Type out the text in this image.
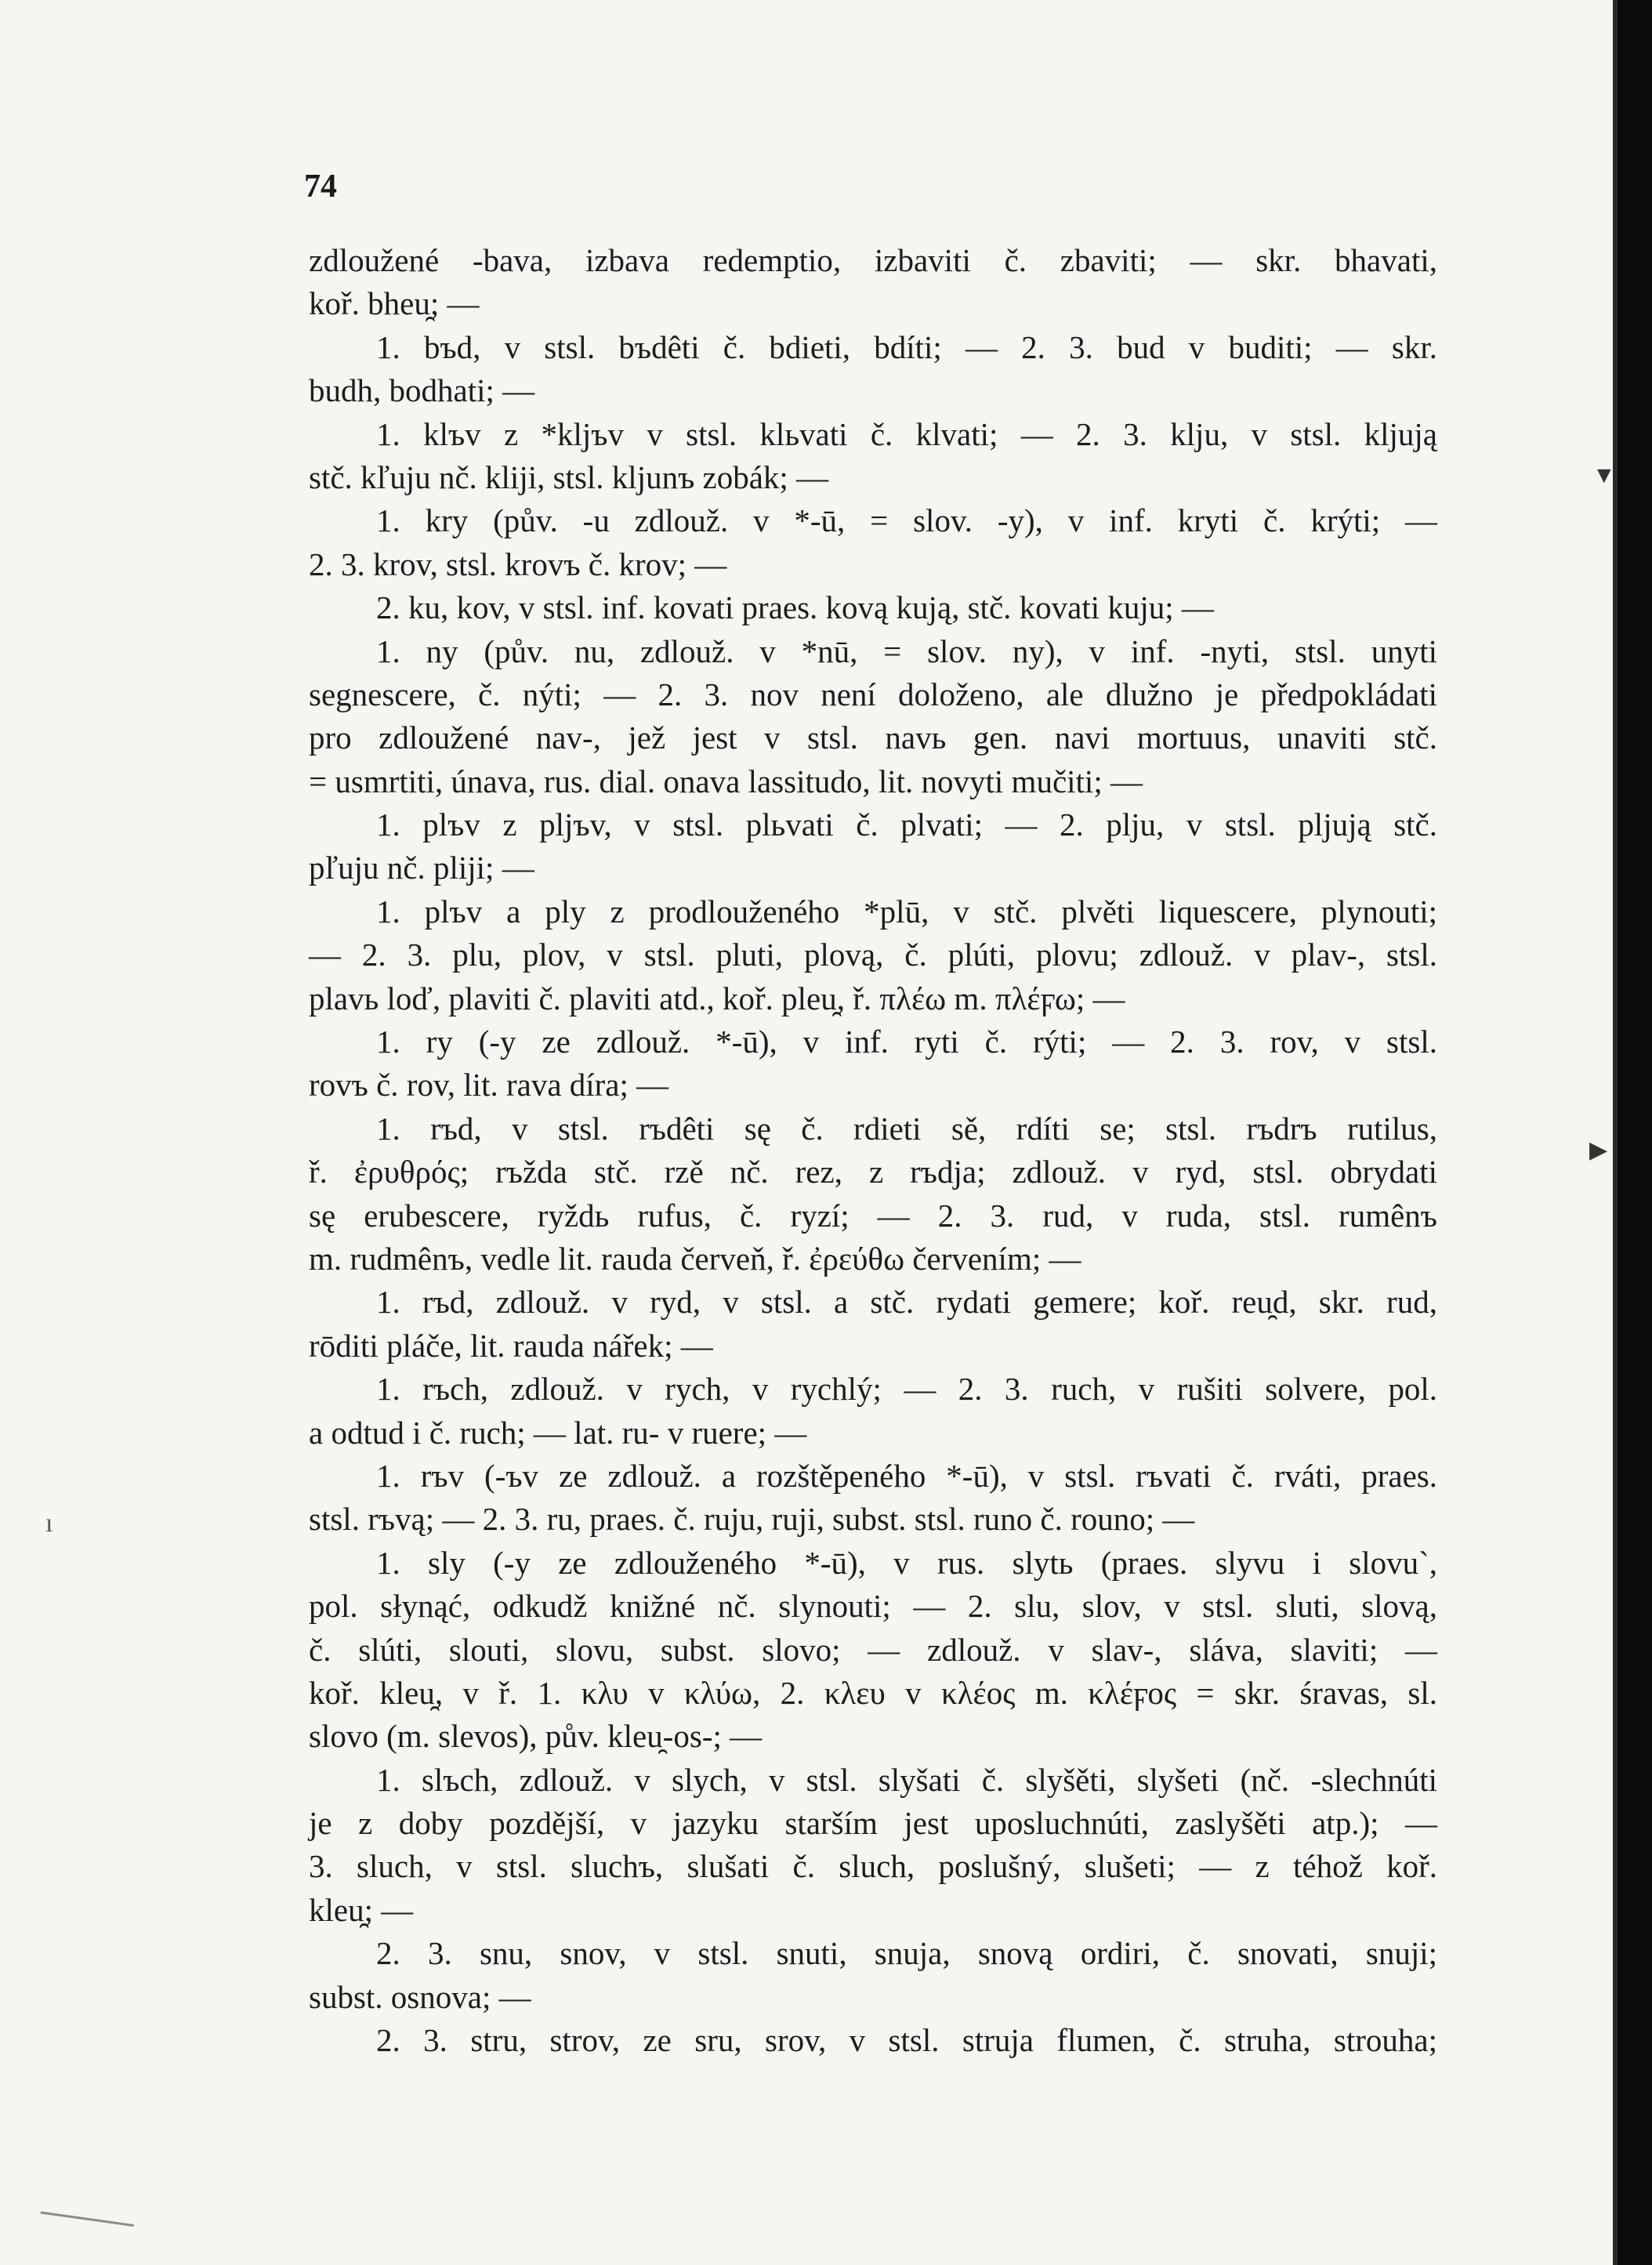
74

zdloužené -bava, izbava redemptio, izbaviti č. zbaviti; — skr. bhavati,

koř. bheu̯; —

1. bъd, v stsl. bъdêti č. bdieti, bdíti; — 2. 3. bud v buditi; — skr.

budh, bodhati; —

1. klъv z *kljъv v stsl. klьvati č. klvati; — 2. 3. klju, v stsl. kljują

stč. kľuju nč. kliji, stsl. kljunъ zobák; —

1. kry (pův. -u zdlouž. v *-ū, = slov. -y), v inf. kryti č. krýti; —

2. 3. krov, stsl. krovъ č. krov; —

2. ku, kov, v stsl. inf. kovati praes. kovą kują, stč. kovati kuju; —

1. ny (pův. nu, zdlouž. v *nū, = slov. ny), v inf. -nyti, stsl. unyti

segnescere, č. nýti; — 2. 3. nov není doloženo, ale dlužno je předpokládati

pro zdloužené nav-, jež jest v stsl. navь gen. navi mortuus, unaviti stč.

= usmrtiti, únava, rus. dial. onava lassitudo, lit. novyti mučiti; —

1. plъv z pljъv, v stsl. plьvati č. plvati; — 2. plju, v stsl. pljują stč.

pľuju nč. pliji; —

1. plъv a ply z prodlouženého *plū, v stč. plvěti liquescere, plynouti;

— 2. 3. plu, plov, v stsl. pluti, plovą, č. plúti, plovu; zdlouž. v plav-, stsl.

plavь loď, plaviti č. plaviti atd., koř. pleu̯, ř. πλέω m. πλέϝω; —

1. ry (-y ze zdlouž. *-ū), v inf. ryti č. rýti; — 2. 3. rov, v stsl.

rovъ č. rov, lit. rava díra; —

1. rъd, v stsl. rъdêti sę č. rdieti sě, rdíti se; stsl. rъdrъ rutilus,

ř. ἐρυθρός; rъžda stč. rzě nč. rez, z rъdja; zdlouž. v ryd, stsl. obrydati

sę erubescere, ryždь rufus, č. ryzí; — 2. 3. rud, v ruda, stsl. rumênъ

m. rudmênъ, vedle lit. rauda červeň, ř. ἐρεύθω červením; —

1. rъd, zdlouž. v ryd, v stsl. a stč. rydati gemere; koř. reu̯d, skr. rud,

rōditi pláče, lit. rauda nářek; —

1. rъch, zdlouž. v rych, v rychlý; — 2. 3. ruch, v rušiti solvere, pol.

a odtud i č. ruch; — lat. ru- v ruere; —

1. rъv (-ъv ze zdlouž. a rozštěpeného *-ū), v stsl. rъvati č. rváti, praes.

stsl. rъvą; — 2. 3. ru, praes. č. ruju, ruji, subst. stsl. runo č. rouno; —

1. sly (-y ze zdlouženého *-ū), v rus. slytь (praes. slyvu i slovu`,

pol. słynąć, odkudž knižné nč. slynouti; — 2. slu, slov, v stsl. sluti, slovą,

č. slúti, slouti, slovu, subst. slovo; — zdlouž. v slav-, sláva, slaviti; —

koř. kleu̯, v ř. 1. κλυ v κλύω, 2. κλευ v κλέος m. κλέϝος = skr. śravas, sl.

slovo (m. slevos), pův. kleu̯-os-; —

1. slъch, zdlouž. v slych, v stsl. slyšati č. slyšěti, slyšeti (nč. -slechnúti

je z doby pozdější, v jazyku starším jest uposluchnúti, zaslyšěti atp.); —

3. sluch, v stsl. sluchъ, slušati č. sluch, poslušný, slušeti; — z téhož koř.

kleu̯; —

2. 3. snu, snov, v stsl. snuti, snuja, snovą ordiri, č. snovati, snuji;

subst. osnova; —

2. 3. stru, strov, ze sru, srov, v stsl. struja flumen, č. struha, strouha;

ı
▼
▶
